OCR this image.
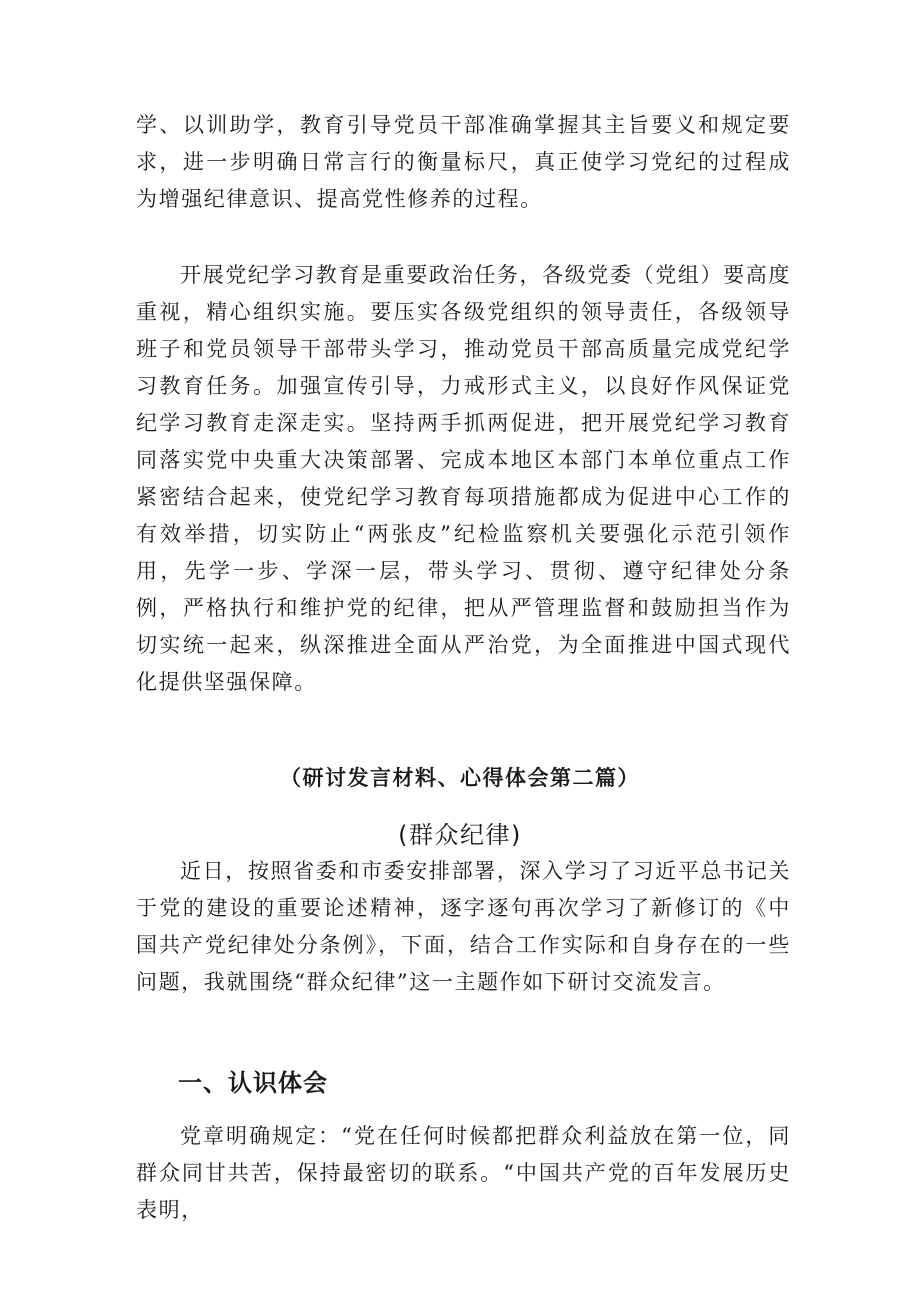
学、以训助学，教育引导党员干部准确掌握其主旨要义和规定要求，进一步明确日常言行的衡量标尺，真正使学习党纪的过程成为增强纪律意识、提高党性修养的过程。

开展党纪学习教育是重要政治任务，各级党委（党组）要高度重视，精心组织实施。要压实各级党组织的领导责任，各级领导班子和党员领导干部带头学习，推动党员干部高质量完成党纪学习教育任务。加强宣传引导，力戒形式主义，以良好作风保证党纪学习教育走深走实。坚持两手抓两促进，把开展党纪学习教育同落实党中央重大决策部署、完成本地区本部门本单位重点工作紧密结合起来，使党纪学习教育每项措施都成为促进中心工作的有效举措，切实防止“两张皮”纪检监察机关要强化示范引领作用，先学一步、学深一层，带头学习、贯彻、遵守纪律处分条例，严格执行和维护党的纪律，把从严管理监督和鼓励担当作为切实统一起来，纵深推进全面从严治党，为全面推进中国式现代化提供坚强保障。

（研讨发言材料、心得体会第二篇）
(群众纪律)

近日，按照省委和市委安排部署，深入学习了习近平总书记关于党的建设的重要论述精神，逐字逐句再次学习了新修订的《中国共产党纪律处分条例》，下面，结合工作实际和自身存在的一些问题，我就围绕“群众纪律”这一主题作如下研讨交流发言。

一、认识体会

党章明确规定：“党在任何时候都把群众利益放在第一位，同群众同甘共苦，保持最密切的联系。“中国共产党的百年发展历史表明，
